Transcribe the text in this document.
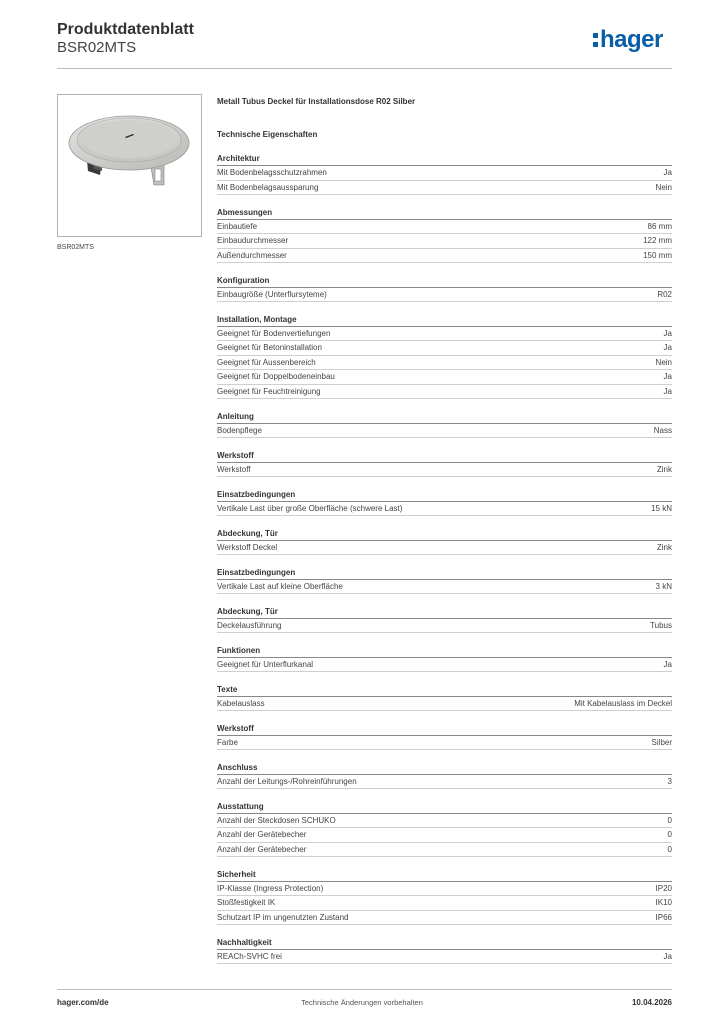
Produktdatenblatt
BSR02MTS	hager
BSR02MTS
Metall Tubus Deckel für Installationsdose R02 Silber
Technische Eigenschaften
Architektur
Mit Bodenbelagsschutzrahmen	Ja
Mit Bodenbelagsaussparung	Nein
Abmessungen
Einbautiefe	86 mm
Einbaudurchmesser	122 mm
Außendurchmesser	150 mm
Konfiguration
Einbaugröße (Unterflursyteme)	R02
Installation, Montage
Geeignet für Bodenvertiefungen	Ja
Geeignet für Betoninstallation	Ja
Geeignet für Aussenbereich	Nein
Geeignet für Doppelbodeneinbau	Ja
Geeignet für Feuchtreinigung	Ja
Anleitung
Bodenpflege	Nass
Werkstoff
Werkstoff	Zink
Einsatzbedingungen
Vertikale Last über große Oberfläche (schwere Last)	15 kN
Abdeckung, Tür
Werkstoff Deckel	Zink
Einsatzbedingungen
Vertikale Last auf kleine Oberfläche	3 kN
Abdeckung, Tür
Deckelausführung	Tubus
Funktionen
Geeignet für Unterflurkanal	Ja
Texte
Kabelauslass	Mit Kabelauslass im Deckel
Werkstoff
Farbe	Silber
Anschluss
Anzahl der Leitungs-/Rohreinführungen	3
Ausstattung
Anzahl der Steckdosen SCHUKO	0
Anzahl der Gerätebecher	0
Anzahl der Gerätebecher	0
Sicherheit
IP-Klasse (Ingress Protection)	IP20
Stoßfestigkeit IK	IK10
Schutzart IP im ungenutzten Zustand	IP66
Nachhaltigkeit
REACh-SVHC frei	Ja
hager.com/de	Technische Änderungen vorbehalten	10.04.2026
